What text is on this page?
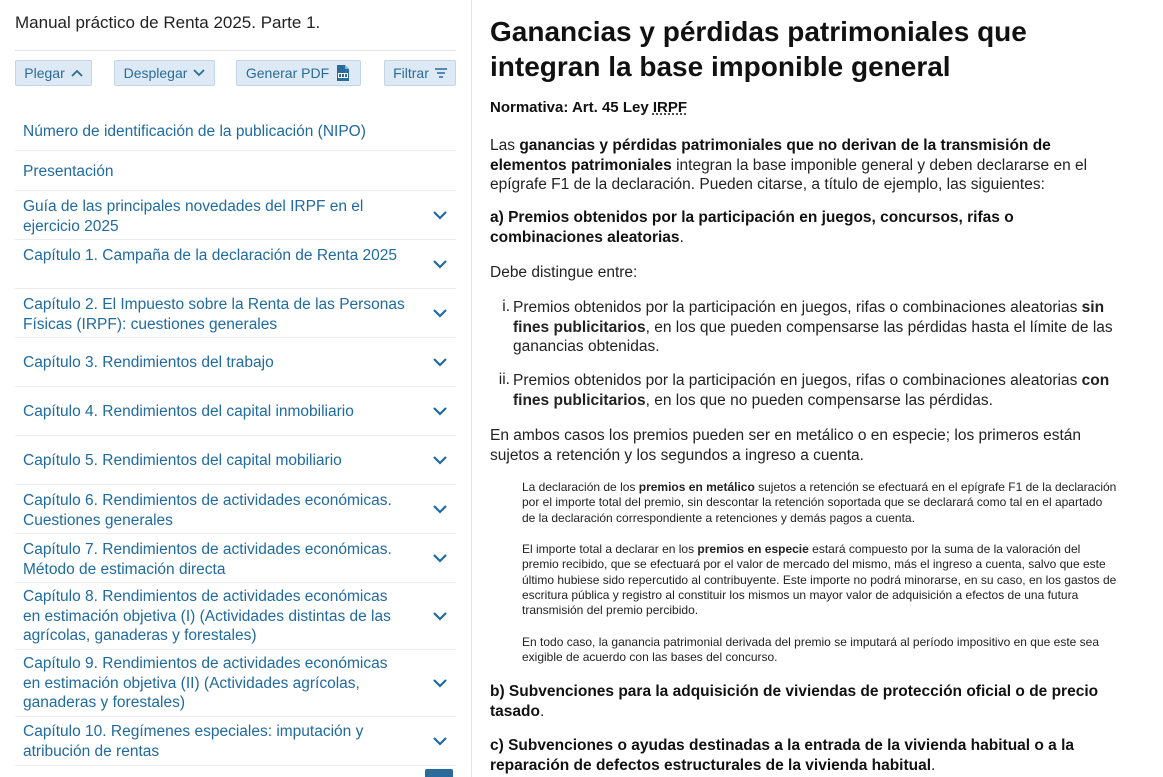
Manual práctico de Renta 2025. Parte 1.
Plegar	Desplegar	Generar PDF	Filtrar
Número de identificación de la publicación (NIPO)
Presentación
Guía de las principales novedades del IRPF en el ejercicio 2025
Capítulo 1. Campaña de la declaración de Renta 2025
Capítulo 2. El Impuesto sobre la Renta de las Personas Físicas (IRPF): cuestiones generales
Capítulo 3. Rendimientos del trabajo
Capítulo 4. Rendimientos del capital inmobiliario
Capítulo 5. Rendimientos del capital mobiliario
Capítulo 6. Rendimientos de actividades económicas. Cuestiones generales
Capítulo 7. Rendimientos de actividades económicas. Método de estimación directa
Capítulo 8. Rendimientos de actividades económicas en estimación objetiva (I) (Actividades distintas de las agrícolas, ganaderas y forestales)
Capítulo 9. Rendimientos de actividades económicas en estimación objetiva (II) (Actividades agrícolas, ganaderas y forestales)
Capítulo 10. Regímenes especiales: imputación y atribución de rentas
Ganancias y pérdidas patrimoniales que integran la base imponible general
Normativa: Art. 45 Ley IRPF

Las ganancias y pérdidas patrimoniales que no derivan de la transmisión de elementos patrimoniales integran la base imponible general y deben declararse en el epígrafe F1 de la declaración. Pueden citarse, a título de ejemplo, las siguientes:

a) Premios obtenidos por la participación en juegos, concursos, rifas o combinaciones aleatorias.

Debe distingue entre:

i. Premios obtenidos por la participación en juegos, rifas o combinaciones aleatorias sin fines publicitarios, en los que pueden compensarse las pérdidas hasta el límite de las ganancias obtenidas.
ii. Premios obtenidos por la participación en juegos, rifas o combinaciones aleatorias con fines publicitarios, en los que no pueden compensarse las pérdidas.

En ambos casos los premios pueden ser en metálico o en especie; los primeros están sujetos a retención y los segundos a ingreso a cuenta.

La declaración de los premios en metálico sujetos a retención se efectuará en el epígrafe F1 de la declaración por el importe total del premio, sin descontar la retención soportada que se declarará como tal en el apartado de la declaración correspondiente a retenciones y demás pagos a cuenta.
El importe total a declarar en los premios en especie estará compuesto por la suma de la valoración del premio recibido, que se efectuará por el valor de mercado del mismo, más el ingreso a cuenta, salvo que este último hubiese sido repercutido al contribuyente. Este importe no podrá minorarse, en su caso, en los gastos de escritura pública y registro al constituir los mismos un mayor valor de adquisición a efectos de una futura transmisión del premio percibido.
En todo caso, la ganancia patrimonial derivada del premio se imputará al período impositivo en que este sea exigible de acuerdo con las bases del concurso.

b) Subvenciones para la adquisición de viviendas de protección oficial o de precio tasado.

c) Subvenciones o ayudas destinadas a la entrada de la vivienda habitual o a la reparación de defectos estructurales de la vivienda habitual.
